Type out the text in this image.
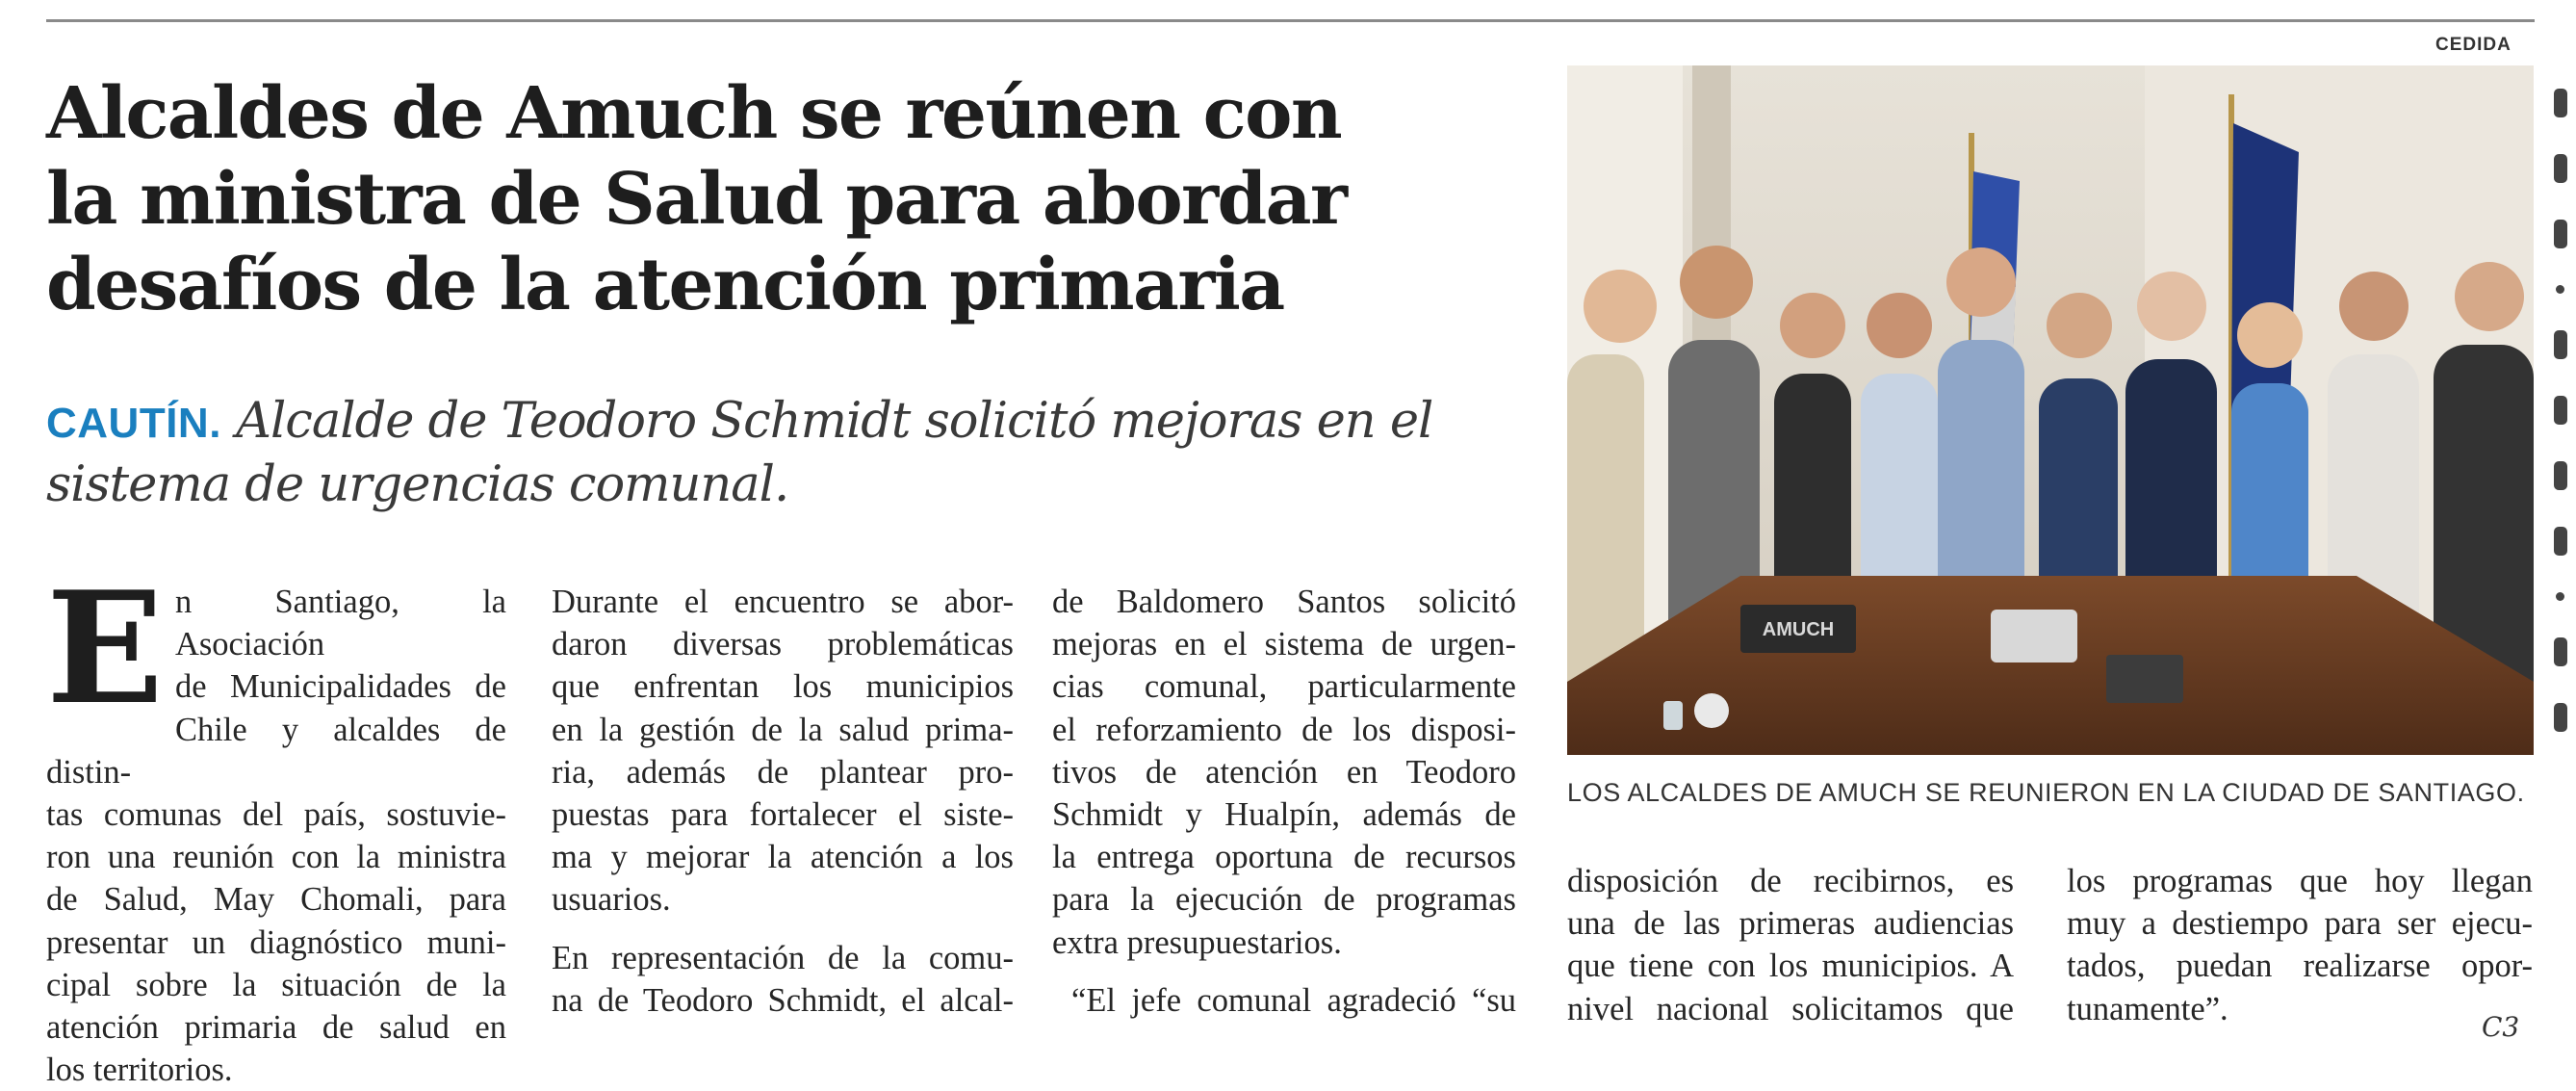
CEDIDA
Alcaldes de Amuch se reúnen con
la ministra de Salud para abordar
desafíos de la atención primaria
CAUTÍN. Alcalde de Teodoro Schmidt solicitó mejoras en el
sistema de urgencias comunal.

E n Santiago, la Asociación
de Municipalidades de
Chile y alcaldes de distin-
tas comunas del país, sostuvie-
ron una reunión con la ministra
de Salud, May Chomali, para
presentar un diagnóstico muni-
cipal sobre la situación de la
atención primaria de salud en
los territorios.

Durante el encuentro se abor-
daron diversas problemáticas
que enfrentan los municipios
en la gestión de la salud prima-
ria, además de plantear pro-
puestas para fortalecer el siste-
ma y mejorar la atención a los
usuarios.

En representación de la comu-
na de Teodoro Schmidt, el alcal-

de Baldomero Santos solicitó
mejoras en el sistema de urgen-
cias comunal, particularmente
el reforzamiento de los disposi-
tivos de atención en Teodoro
Schmidt y Hualpín, además de
la entrega oportuna de recursos
para la ejecución de programas
extra presupuestarios.

“El jefe comunal agradeció “su

AMUCH
LOS ALCALDES DE AMUCH SE REUNIERON EN LA CIUDAD DE SANTIAGO.

disposición de recibirnos, es
una de las primeras audiencias
que tiene con los municipios. A
nivel nacional solicitamos que

los programas que hoy llegan
muy a destiempo para ser ejecu-
tados, puedan realizarse opor-
tunamente”.	C3
